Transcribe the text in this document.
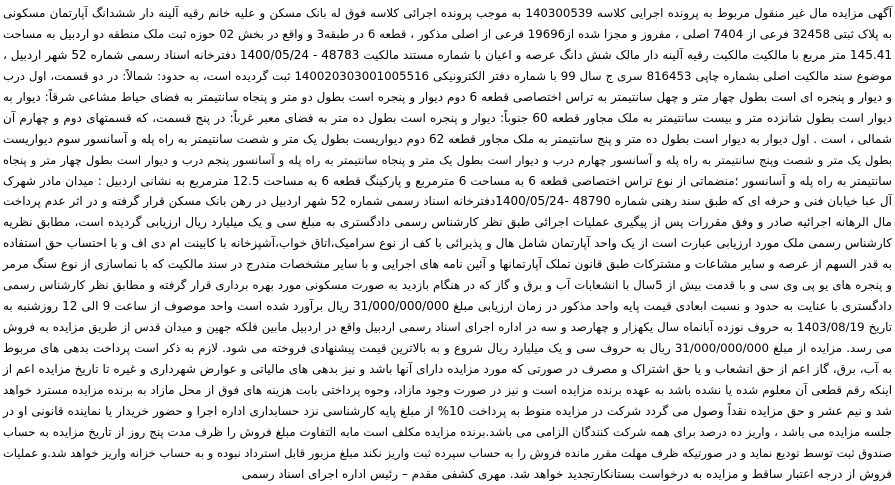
آگهی مزایده مال غیر منقول مربوط به پرونده اجرایی کلاسه 140300539 به موجب پرونده اجرائی کلاسه فوق له بانک مسکن و علیه خانم رقیه آلینه دار ششدانگ آپارتمان مسکونی
به پلاک ثبتی 32458 فرعی از 7404 اصلی ، مفروز و مجزا شده از19696 فرعی از اصلی مذکور ، قطعه 6 در طبقه3 و واقع در بخش 02 حوزه ثبت ملک منطقه دو اردبیل به مساحت
145.41 متر مربع با مالکیت مالکیت رقیه آلینه دار مالک شش دانگ عرصه و اعیان با شماره مستند مالکیت 48783 - 1400/05/24 دفترخانه اسناد رسمی شماره 52 شهر اردبیل ،
موضوع سند مالکیت اصلی بشماره چاپی 816453 سری ج سال 99 با شماره دفتر الکترونیکی 140020303001005516 ثبت گردیده است، به حدود: شمالاً: در دو قسمت، اول درب
و دیوار و پنجره ای است بطول چهار متر و چهل سانتیمتر به تراس اختصاصی قطعه 6 دوم دیوار و پنجره است بطول دو متر و پنجاه سانتیمتر به فضای حیاط مشاعی شرقاً: دیوار به
دیوار است بطول شانزده متر و بیست سانتیمتر به ملک مجاور قطعه 60 جنوباً: دیوار و پنجره است بطول ده متر به فضای معبر غرباً: در پنج قسمت، که قسمتهای دوم و چهارم آن
شمالی ، است . اول دیوار به دیوار است بطول ده متر و پنج سانتیمتر به ملک مجاور قطعه 62 دوم دیواریست بطول یک متر و شصت سانتیمتر به راه پله و آسانسور سوم دیواریست
بطول یک متر و شصت وپنج سانتیمتر به راه پله و آسانسور چهارم درب و دیوار است بطول یک متر و پنجاه سانتیمتر به راه پله و آسانسور پنجم درب و دیوار است بطول چهار متر و پنجاه
سانتیمتر به راه پله و آسانسور ؛منضماتی از نوع تراس اختصاصی قطعه 6 به مساحت 6 مترمربع و پارکینگ قطعه 6 به مساحت 12.5 مترمربع به نشانی اردبیل : میدان مادر شهرک
آل عبا خیابان فنی و حرفه ای که طبق سند رهنی شماره 48790 -1400/05/24دفترخانه اسناد رسمی شماره 52 شهر اردبیل در رهن بانک مسکن قرار گرفته و در اثر عدم پرداخت
مال الرهانه اجرائیه صادر و وفق مقررات پس از پیگیری عملیات اجرائی طبق نظر کارشناس رسمی دادگستری به مبلغ سی و یک میلیارد ریال ارزیابی گردیده است، مطابق نظریه
کارشناس رسمی ملک مورد ارزیابی عبارت است از یک واحد آپارتمان شامل هال و پذیرائی با کف از نوع سرامیک،اتاق خواب،آشپزخانه با کابینت ام دی اف و با احتساب حق استفاده
به قدر السهم از عرصه و سایر مشاعات و مشترکات طبق قانون تملک آپارتمانها و آئین نامه های اجرایی و با سایر مشخصات مندرج در سند مالکیت که با نماسازی از نوع سنگ مرمر
و پنجره های یو پی وی سی و با قدمت بیش از 5سال با انشعابات آب و برق و گاز که در هنگام بازدید به صورت مسکونی مورد بهره برداری قرار گرفته و مطابق نظر کارشناس رسمی
دادگستری با عنایت به حدود و نسبت ابعادی قیمت پایه واحد مذکور در زمان ارزیابی مبلغ 31/000/000/000 ریال برآورد شده است واحد موصوف از ساعت 9 الی 12 روزشنبه به
تاریخ 1403/08/19 به حروف نوزده آبانماه سال یکهزار و چهارصد و سه در اداره اجرای اسناد رسمی اردبیل واقع در اردبیل مابین فلکه جهین و میدان قدس از طریق مزایده به فروش
می رسد. مزایده از مبلغ 31/000/000/000 ریال به حروف سی و یک میلیارد ریال شروع و به بالاترین قیمت پیشنهادی فروخته می شود. لازم به ذکر است پرداخت بدهی های مربوط
به آب، برق، گاز اعم از حق انشعاب و یا حق اشتراک و مصرف در صورتی که مورد مزایده دارای آنها باشد و نیز بدهی های مالیاتی و عوارض شهرداری و غیره تا تاریخ مزایده اعم از
اینکه رقم قطعی آن معلوم شده یا نشده باشد به عهده برنده مزایده است و نیز در صورت وجود مازاد، وجوه پرداختی بابت هزینه های فوق از محل مازاد به برنده مزایده مسترد خواهد
شد و نیم عشر و حق مزایده نقداً وصول می گردد شرکت در مزایده منوط به پرداخت 10% از مبلغ پایه کارشناسی نزد حسابداری اداره اجرا و حضور خریدار یا نماینده قانونی او در
جلسه مزایده می باشد ، واریز ده درصد برای همه شرکت کنندگان الزامی می باشد.برنده مزایده مکلف است مابه التفاوت مبلغ فروش را ظرف مدت پنج روز از تاریخ مزایده به حساب
صندوق ثبت توسط تودیع نماید و در صورتیکه ظرف مهلت مقرر مانده فروش را به حساب سپرده ثبت واریز نکند مبلغ مزبور قابل استرداد نبوده و به حساب خزانه واریز خواهد شد.و عملیات
فروش از درجه اعتبار ساقط و مزایده به درخواست بستانکارتجدید خواهد شد. مهری کشفی مقدم – رئیس اداره اجرای اسناد رسمی
